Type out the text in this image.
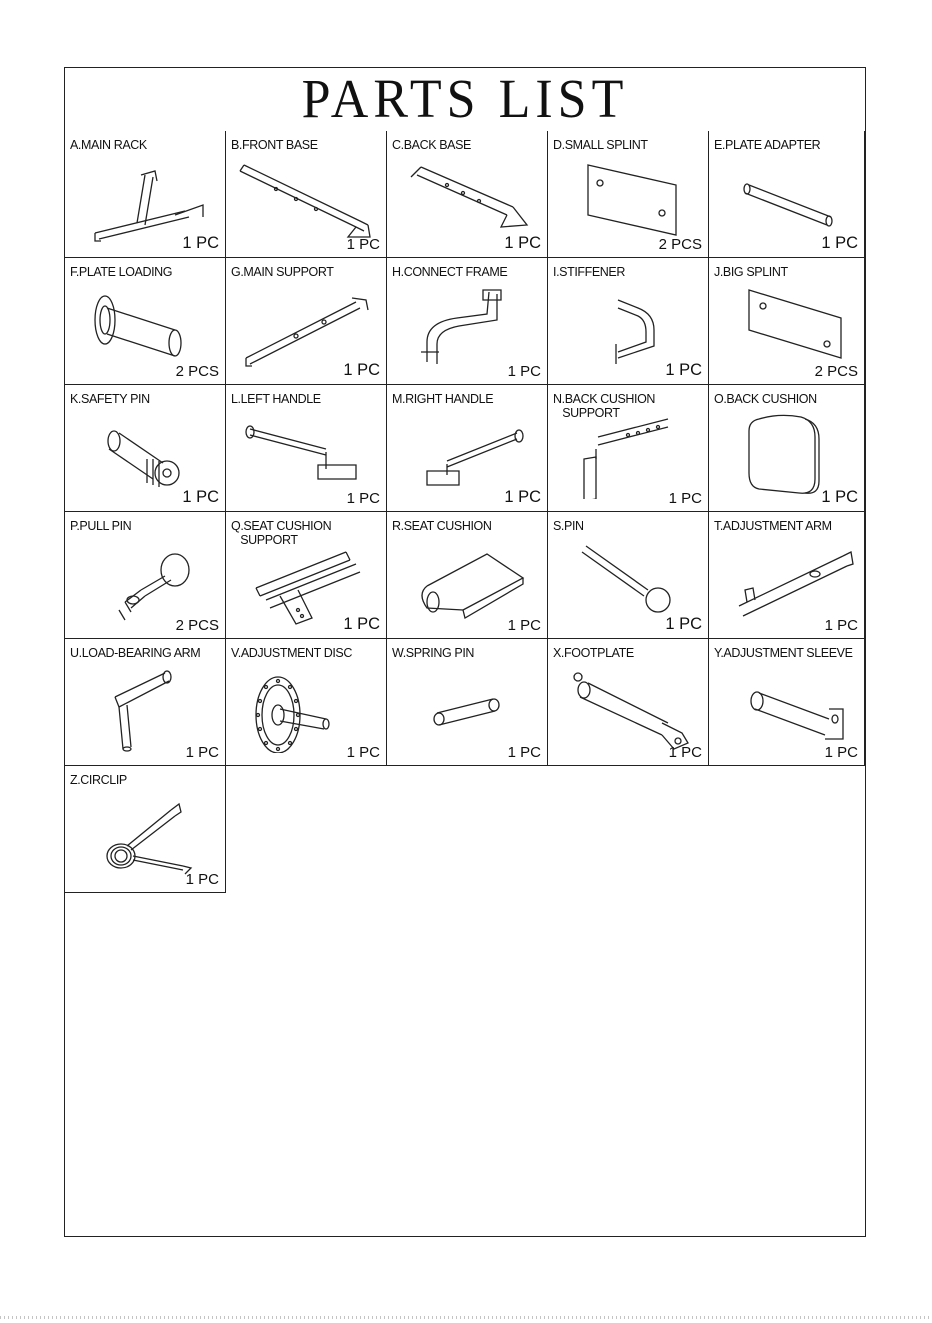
PARTS LIST
A.MAIN RACK
1 PC
B.FRONT BASE
1 PC
C.BACK BASE
1 PC
D.SMALL SPLINT
2 PCS
E.PLATE ADAPTER
1 PC
F.PLATE LOADING
2 PCS
G.MAIN SUPPORT
1 PC
H.CONNECT FRAME
1 PC
I.STIFFENER
1 PC
J.BIG SPLINT
2 PCS
K.SAFETY PIN
1 PC
L.LEFT HANDLE
1 PC
M.RIGHT HANDLE
1 PC
N.BACK CUSHION
SUPPORT
1 PC
O.BACK CUSHION
1 PC
P.PULL PIN
2 PCS
Q.SEAT CUSHION
SUPPORT
1 PC
R.SEAT CUSHION
1 PC
S.PIN
1 PC
T.ADJUSTMENT ARM
1 PC
U.LOAD-BEARING ARM
1 PC
V.ADJUSTMENT DISC
1 PC
W.SPRING PIN
1 PC
X.FOOTPLATE
1 PC
Y.ADJUSTMENT SLEEVE
1 PC
Z.CIRCLIP
1 PC
